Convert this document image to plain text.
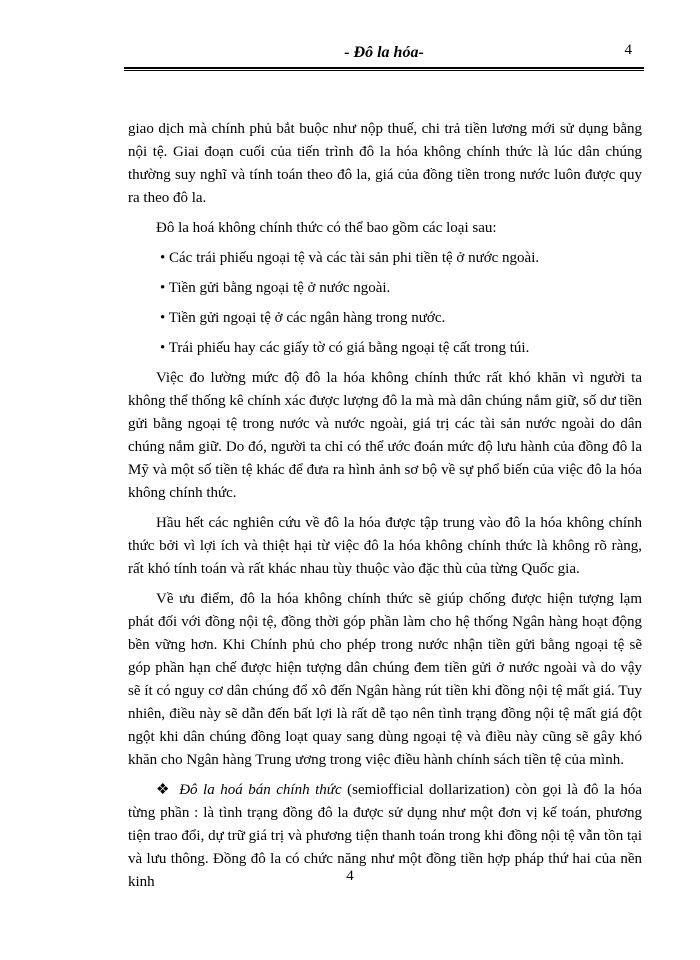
- Đô la hóa-	4

giao dịch mà chính phủ bắt buộc như nộp thuế, chi trả tiền lương mới sử dụng bằng nội tệ. Giai đoạn cuối của tiến trình đô la hóa không chính thức là lúc dân chúng thường suy nghĩ và tính toán theo đô la, giá của đồng tiền trong nước luôn được quy ra theo đô la.

Đô la hoá không chính thức có thể bao gồm các loại sau:

• Các trái phiếu ngoại tệ và các tài sản phi tiền tệ ở nước ngoài.

• Tiền gửi bằng ngoại tệ ở nước ngoài.

• Tiền gửi ngoại tệ ở các ngân hàng trong nước.

• Trái phiếu hay các giấy tờ có giá bằng ngoại tệ cất trong túi.

Việc đo lường mức độ đô la hóa không chính thức rất khó khăn vì người ta không thể thống kê chính xác được lượng đô la mà mà dân chúng nắm giữ, số dư tiền gửi bằng ngoại tệ trong nước và nước ngoài, giá trị các tài sản nước ngoài do dân chúng nắm giữ. Do đó, người ta chỉ có thể ước đoán mức độ lưu hành của đồng đô la Mỹ và một số tiền tệ khác để đưa ra hình ảnh sơ bộ về sự phổ biến của việc đô la hóa không chính thức.

Hầu hết các nghiên cứu về đô la hóa được tập trung vào đô la hóa không chính thức bởi vì lợi ích và thiệt hại từ việc đô la hóa không chính thức là không rõ ràng, rất khó tính toán và rất khác nhau tùy thuộc vào đặc thù của từng Quốc gia.

Về ưu điểm, đô la hóa không chính thức sẽ giúp chống được hiện tượng lạm phát đối với đồng nội tệ, đồng thời góp phần làm cho hệ thống Ngân hàng hoạt động bền vững hơn. Khi Chính phủ cho phép trong nước nhận tiền gửi bằng ngoại tệ sẽ góp phần hạn chế được hiện tượng dân chúng đem tiền gửi ở nước ngoài và do vậy sẽ ít có nguy cơ dân chúng đổ xô đến Ngân hàng rút tiền khi đồng nội tệ mất giá. Tuy nhiên, điều này sẽ dẫn đến bất lợi là rất dễ tạo nên tình trạng đồng nội tệ mất giá đột ngột khi dân chúng đồng loạt quay sang dùng ngoại tệ và điều này cũng sẽ gây khó khăn cho Ngân hàng Trung ương trong việc điều hành chính sách tiền tệ của mình.

❖ Đô la hoá bán chính thức (semiofficial dollarization) còn gọi là đô la hóa từng phần : là tình trạng đồng đô la được sử dụng như một đơn vị kế toán, phương tiện trao đổi, dự trữ giá trị và phương tiện thanh toán trong khi đồng nội tệ vẫn tồn tại và lưu thông. Đồng đô la có chức năng như một đồng tiền hợp pháp thứ hai của nền kinh	4
